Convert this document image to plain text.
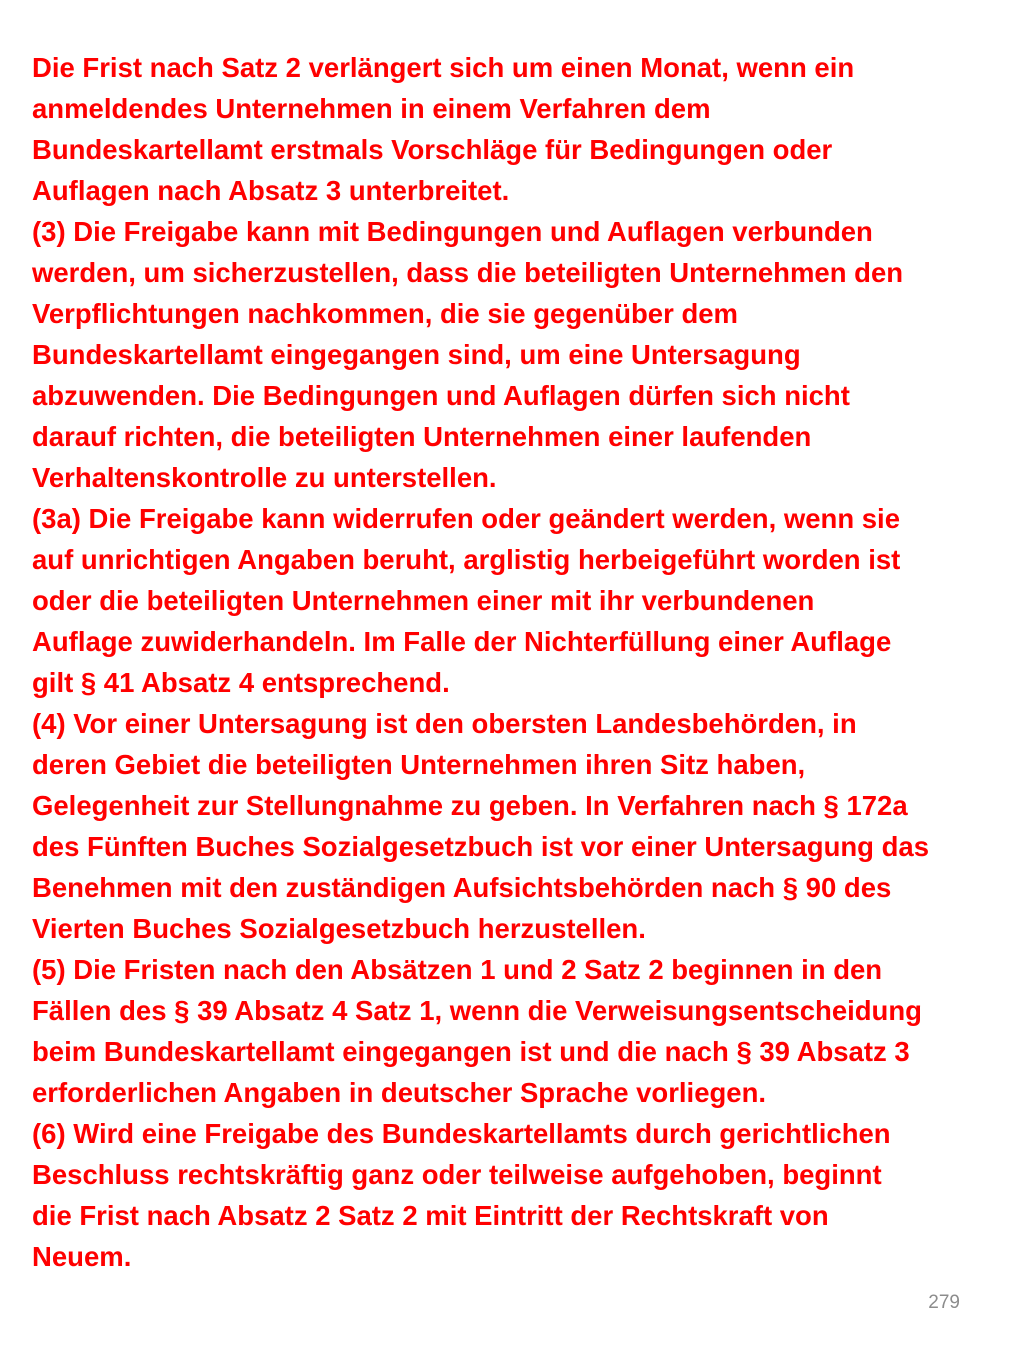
Die Frist nach Satz 2 verlängert sich um einen Monat, wenn ein
anmeldendes Unternehmen in einem Verfahren dem
Bundeskartellamt erstmals Vorschläge für Bedingungen oder
Auflagen nach Absatz 3 unterbreitet.
(3) Die Freigabe kann mit Bedingungen und Auflagen verbunden
werden, um sicherzustellen, dass die beteiligten Unternehmen den
Verpflichtungen nachkommen, die sie gegenüber dem
Bundeskartellamt eingegangen sind, um eine Untersagung
abzuwenden. Die Bedingungen und Auflagen dürfen sich nicht
darauf richten, die beteiligten Unternehmen einer laufenden
Verhaltenskontrolle zu unterstellen.
(3a) Die Freigabe kann widerrufen oder geändert werden, wenn sie
auf unrichtigen Angaben beruht, arglistig herbeigeführt worden ist
oder die beteiligten Unternehmen einer mit ihr verbundenen
Auflage zuwiderhandeln. Im Falle der Nichterfüllung einer Auflage
gilt § 41 Absatz 4 entsprechend.
(4) Vor einer Untersagung ist den obersten Landesbehörden, in
deren Gebiet die beteiligten Unternehmen ihren Sitz haben,
Gelegenheit zur Stellungnahme zu geben. In Verfahren nach § 172a
des Fünften Buches Sozialgesetzbuch ist vor einer Untersagung das
Benehmen mit den zuständigen Aufsichtsbehörden nach § 90 des
Vierten Buches Sozialgesetzbuch herzustellen.
(5) Die Fristen nach den Absätzen 1 und 2 Satz 2 beginnen in den
Fällen des § 39 Absatz 4 Satz 1, wenn die Verweisungsentscheidung
beim Bundeskartellamt eingegangen ist und die nach § 39 Absatz 3
erforderlichen Angaben in deutscher Sprache vorliegen.
(6) Wird eine Freigabe des Bundeskartellamts durch gerichtlichen
Beschluss rechtskräftig ganz oder teilweise aufgehoben, beginnt
die Frist nach Absatz 2 Satz 2 mit Eintritt der Rechtskraft von
Neuem.
279
